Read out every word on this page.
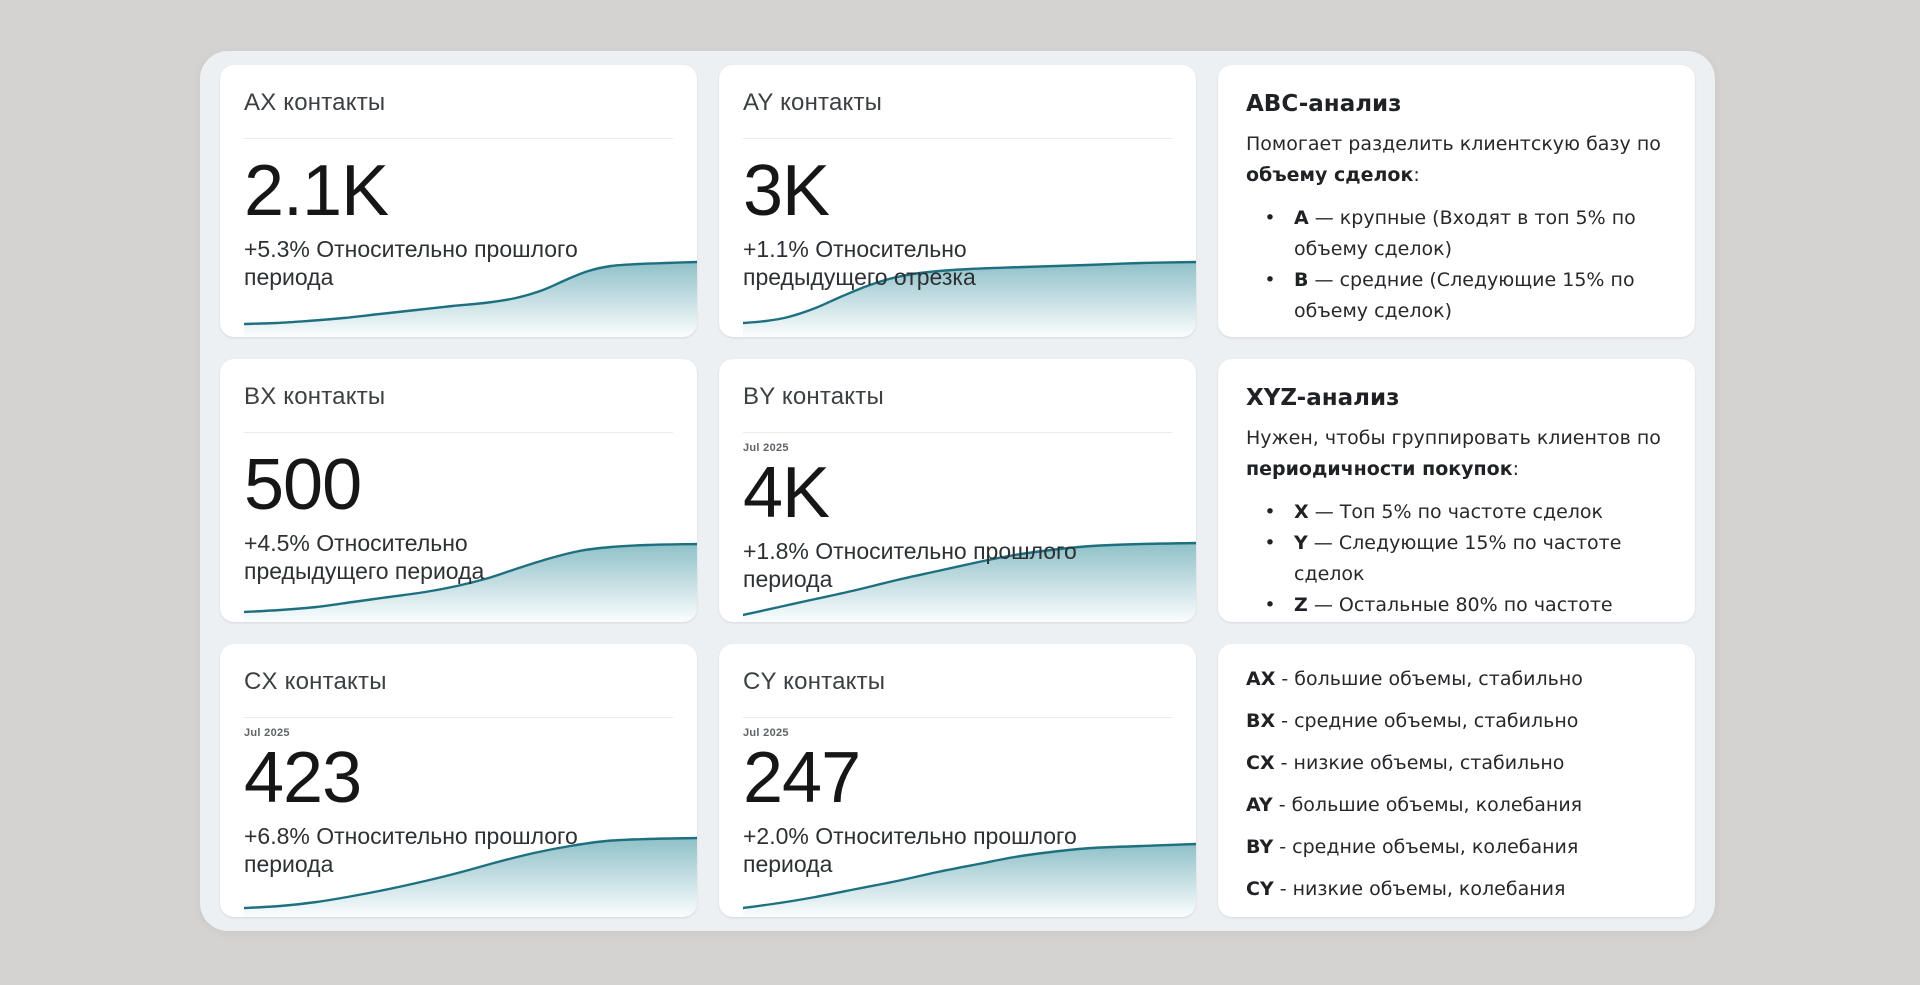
AX контакты
2.1K
+5.3% Относительно прошлого периода
AY контакты
3K
+1.1% Относительно предыдущего отрезка
ABC-анализ

Помогает разделить клиентскую базу по объему сделок:

• A — крупные (Входят в топ 5% по объему сделок)
• B — средние (Следующие 15% по объему сделок)
BX контакты
500
+4.5% Относительно предыдущего периода
BY контакты
Jul 2025
4K
+1.8% Относительно прошлого периода
XYZ-анализ

Нужен, чтобы группировать клиентов по периодичности покупок:

• X — Топ 5% по частоте сделок
• Y — Следующие 15% по частоте сделок
• Z — Остальные 80% по частоте
CX контакты
Jul 2025
423
+6.8% Относительно прошлого периода
CY контакты
Jul 2025
247
+2.0% Относительно прошлого периода
AX - большие объемы, стабильно
BX - средние объемы, стабильно
CX - низкие объемы, стабильно
AY - большие объемы, колебания
BY - средние объемы, колебания
CY - низкие объемы, колебания
